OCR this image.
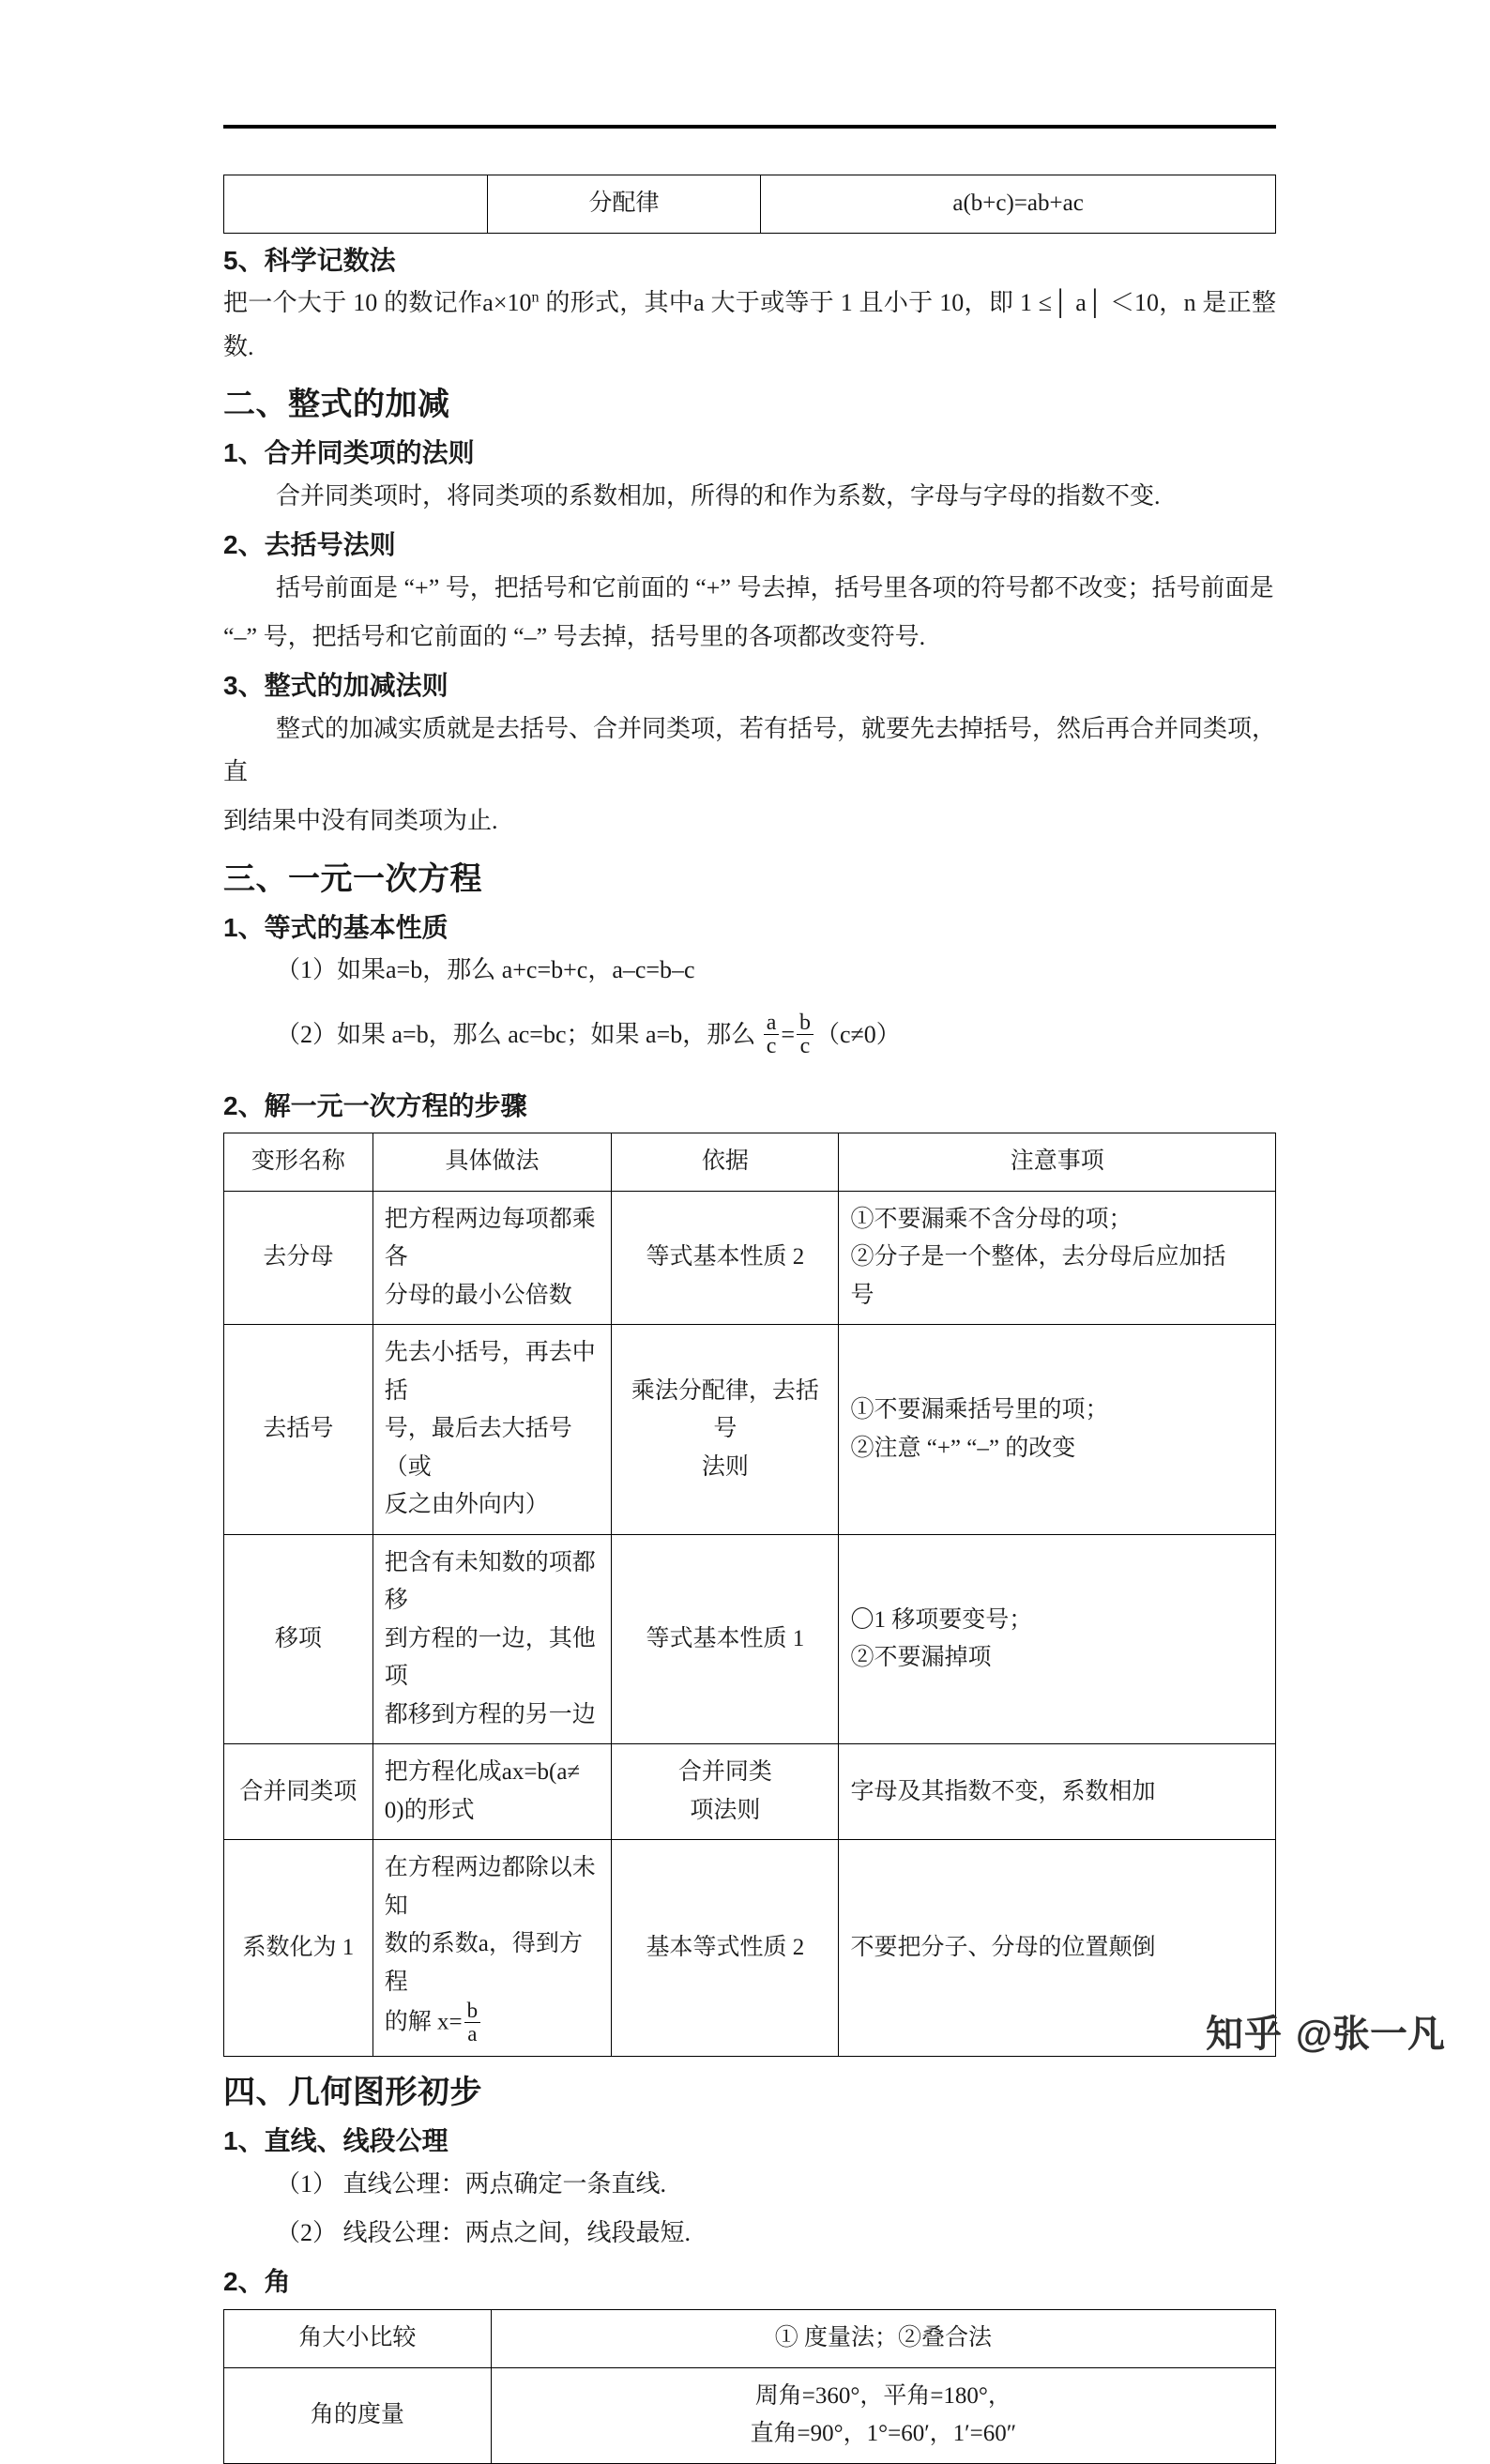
	分配律	a(b+c)=ab+ac
5、科学记数法

把一个大于 10 的数记作$a\times 10^n$ 的形式，其中a 大于或等于 1 且小于 10，即 1 ≤│ a│ ＜10，n 是正整数.

二、整式的加减
1、合并同类项的法则

合并同类项时，将同类项的系数相加，所得的和作为系数，字母与字母的指数不变.

2、去括号法则

括号前面是 “+” 号，把括号和它前面的 “+” 号去掉，括号里各项的符号都不改变；括号前面是

“–” 号，把括号和它前面的 “–” 号去掉，括号里的各项都改变符号.

3、整式的加减法则

整式的加减实质就是去括号、合并同类项，若有括号，就要先去掉括号，然后再合并同类项，直

到结果中没有同类项为止.

三、一元一次方程
1、等式的基本性质

（1）如果a=b，那么 a+c=b+c，a–c=b–c

（2）如果 a=b，那么 ac=bc；如果 a=b，那么 $\frac{a}{c} = \frac{b}{c} (c\ne 0)$

2、解一元一次方程的步骤
变形名称	具体做法	依据	注意事项
去分母	把方程两边每项都乘各
分母的最小公倍数	等式基本性质 2	①不要漏乘不含分母的项；
②分子是一个整体，去分母后应加括
号

去括号	先去小括号，再去中括
号，最后去大括号（或
反之由外向内）	乘法分配律，去括号
法则	①不要漏乘括号里的项；
②注意 “+” “–” 的改变

移项	把含有未知数的项都移
到方程的一边，其他项
都移到方程的另一边	等式基本性质 1	〇1 移项要变号；
②不要漏掉项

合并同类项	把方程化成ax=b(a≠
0)的形式	合并同类
项法则	字母及其指数不变，系数相加

系数化为 1	在方程两边都除以未知
数的系数a，得到方程
的解 $x= \frac{b}{a}$	基本等式性质 2	不要把分子、分母的位置颠倒
四、几何图形初步
1、直线、线段公理

（1） 直线公理：两点确定一条直线.

（2） 线段公理：两点之间，线段最短.

2、角
角大小比较	① 度量法；②叠合法

角的度量	周角=360°，平角=180°，
直角=90°，1°=60′，1′=60″
知乎 @张一凡
